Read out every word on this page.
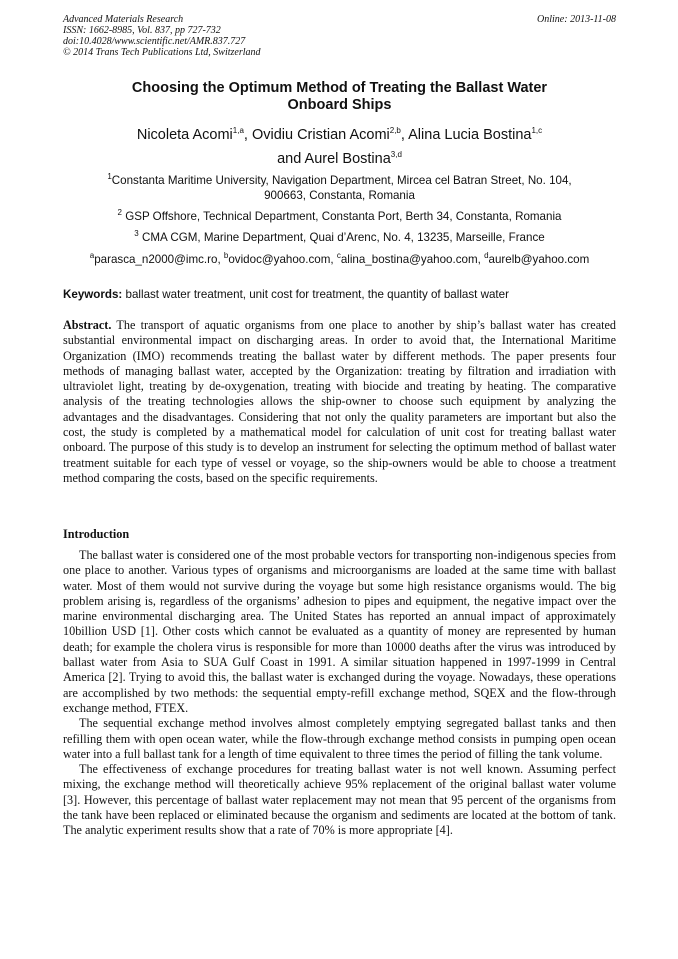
Advanced Materials Research
ISSN: 1662-8985, Vol. 837, pp 727-732
doi:10.4028/www.scientific.net/AMR.837.727
© 2014 Trans Tech Publications Ltd, Switzerland
Online: 2013-11-08
Choosing the Optimum Method of Treating the Ballast Water
Onboard Ships
Nicoleta Acomi$^{1,a}$, Ovidiu Cristian Acomi$^{2,b}$, Alina Lucia Bostina$^{1,c}$
and Aurel Bostina$^{3,d}$
$^1$Constanta Maritime University, Navigation Department, Mircea cel Batran Street, No. 104,
900663, Constanta, Romania
$^2$ GSP Offshore, Technical Department, Constanta Port, Berth 34, Constanta, Romania
$^3$ CMA CGM, Marine Department, Quai d’Arenc, No. 4, 13235, Marseille, France
$^a$parasca_n2000@imc.ro, $^b$ovidoc@yahoo.com, $^c$alina_bostina@yahoo.com, $^d$aurelb@yahoo.com
Keywords: ballast water treatment, unit cost for treatment, the quantity of ballast water
Abstract. The transport of aquatic organisms from one place to another by ship’s ballast water has created substantial environmental impact on discharging areas. In order to avoid that, the International Maritime Organization (IMO) recommends treating the ballast water by different methods. The paper presents four methods of managing ballast water, accepted by the Organization: treating by filtration and irradiation with ultraviolet light, treating by de-oxygenation, treating with biocide and treating by heating. The comparative analysis of the treating technologies allows the ship-owner to choose such equipment by analyzing the advantages and the disadvantages. Considering that not only the quality parameters are important but also the cost, the study is completed by a mathematical model for calculation of unit cost for treating ballast water onboard. The purpose of this study is to develop an instrument for selecting the optimum method of ballast water treatment suitable for each type of vessel or voyage, so the ship-owners would be able to choose a treatment method comparing the costs, based on the specific requirements.
Introduction

The ballast water is considered one of the most probable vectors for transporting non-indigenous species from one place to another. Various types of organisms and microorganisms are loaded at the same time with ballast water. Most of them would not survive during the voyage but some high resistance organisms would. The big problem arising is, regardless of the organisms’ adhesion to pipes and equipment, the negative impact over the marine environmental discharging area. The United States has reported an annual impact of approximately 10billion USD [1]. Other costs which cannot be evaluated as a quantity of money are represented by human death; for example the cholera virus is responsible for more than 10000 deaths after the virus was introduced by ballast water from Asia to SUA Gulf Coast in 1991. A similar situation happened in 1997-1999 in Central America [2]. Trying to avoid this, the ballast water is exchanged during the voyage. Nowadays, these operations are accomplished by two methods: the sequential empty-refill exchange method, SQEX and the flow-through exchange method, FTEX.

The sequential exchange method involves almost completely emptying segregated ballast tanks and then refilling them with open ocean water, while the flow-through exchange method consists in pumping open ocean water into a full ballast tank for a length of time equivalent to three times the period of filling the tank volume.

The effectiveness of exchange procedures for treating ballast water is not well known. Assuming perfect mixing, the exchange method will theoretically achieve 95% replacement of the original ballast water volume [3]. However, this percentage of ballast water replacement may not mean that 95 percent of the organisms from the tank have been replaced or eliminated because the organism and sediments are located at the bottom of tank. The analytic experiment results show that a rate of 70% is more appropriate [4].
